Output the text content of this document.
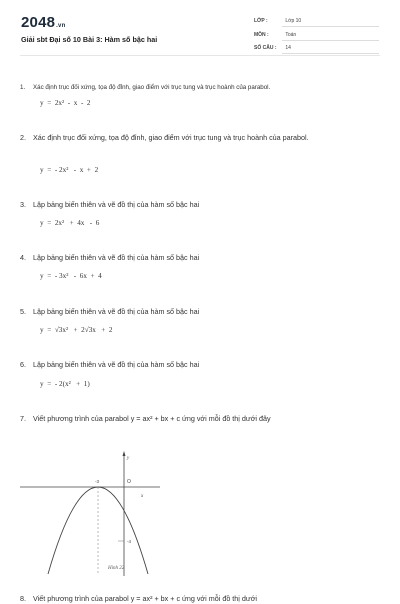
2048.vn
Giải sbt Đại số 10 Bài 3: Hàm số bậc hai
LỚP :	Lớp 10
MÔN :	Toán
SỐ CÂU : 14
1. Xác định trục đối xứng, tọa độ đỉnh, giao điểm với trục tung và trục hoành của parabol.
y  =  2x²  -  x  -  2
2. Xác định trục đối xứng, tọa độ đỉnh, giao điểm với trục tung và trục hoành của parabol.
y  =  - 2x²   -  x  +  2
3. Lập bảng biến thiên và vẽ đồ thị của hàm số bậc hai
y  =  2x²   +  4x   -  6
4. Lập bảng biến thiên và vẽ đồ thị của hàm số bậc hai
y  =  - 3x²   -  6x  +  4
5. Lập bảng biến thiên và vẽ đồ thị của hàm số bậc hai
y  =  √3x²   +  2√3x   +  2
6. Lập bảng biến thiên và vẽ đồ thị của hàm số bậc hai
y  =  - 2(x²   +  1)
7. Viết phương trình của parabol y = ax² + bx + c ứng với mỗi đồ thị dưới đây
y
x
O
-3
-4
Hình 22
8. Viết phương trình của parabol y = ax² + bx + c ứng với mỗi đồ thị dưới
